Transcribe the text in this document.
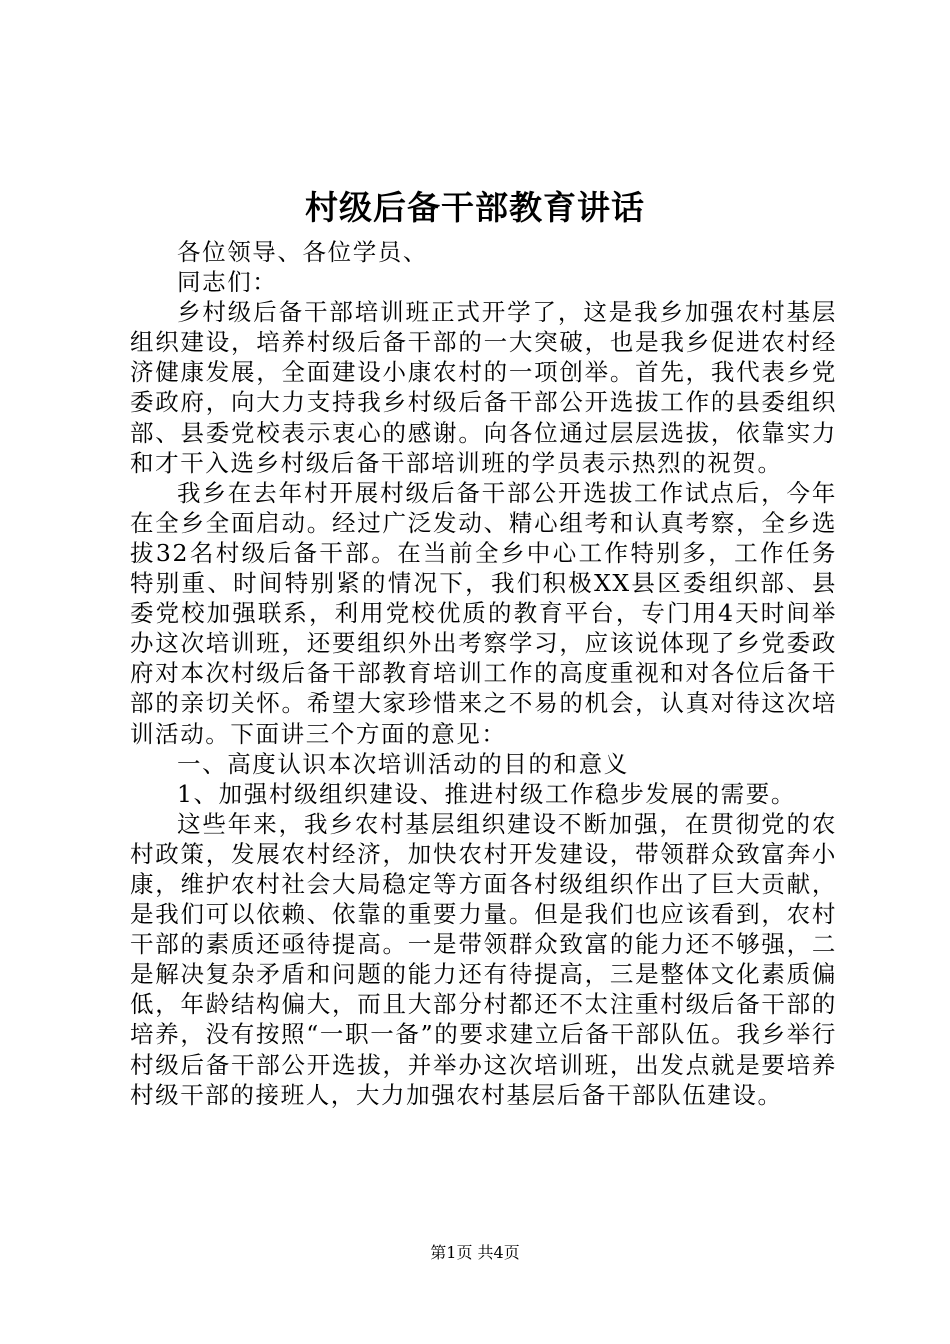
村级后备干部教育讲话

各位领导、各位学员、

同志们：

乡村级后备干部培训班正式开学了，这是我乡加强农村基层组织建设，培养村级后备干部的一大突破，也是我乡促进农村经济健康发展，全面建设小康农村的一项创举。首先，我代表乡党委政府，向大力支持我乡村级后备干部公开选拔工作的县委组织部、县委党校表示衷心的感谢。向各位通过层层选拔，依靠实力和才干入选乡村级后备干部培训班的学员表示热烈的祝贺。

我乡在去年村开展村级后备干部公开选拔工作试点后，今年在全乡全面启动。经过广泛发动、精心组考和认真考察，全乡选拔32名村级后备干部。在当前全乡中心工作特别多，工作任务特别重、时间特别紧的情况下，我们积极XX县区委组织部、县委党校加强联系，利用党校优质的教育平台，专门用4天时间举办这次培训班，还要组织外出考察学习，应该说体现了乡党委政府对本次村级后备干部教育培训工作的高度重视和对各位后备干部的亲切关怀。希望大家珍惜来之不易的机会，认真对待这次培训活动。下面讲三个方面的意见：

一、高度认识本次培训活动的目的和意义

1、加强村级组织建设、推进村级工作稳步发展的需要。

这些年来，我乡农村基层组织建设不断加强，在贯彻党的农村政策，发展农村经济，加快农村开发建设，带领群众致富奔小康，维护农村社会大局稳定等方面各村级组织作出了巨大贡献，是我们可以依赖、依靠的重要力量。但是我们也应该看到，农村干部的素质还亟待提高。一是带领群众致富的能力还不够强，二是解决复杂矛盾和问题的能力还有待提高，三是整体文化素质偏低，年龄结构偏大，而且大部分村都还不太注重村级后备干部的培养，没有按照“一职一备”的要求建立后备干部队伍。我乡举行村级后备干部公开选拔，并举办这次培训班，出发点就是要培养村级干部的接班人，大力加强农村基层后备干部队伍建设。

第1页 共4页
